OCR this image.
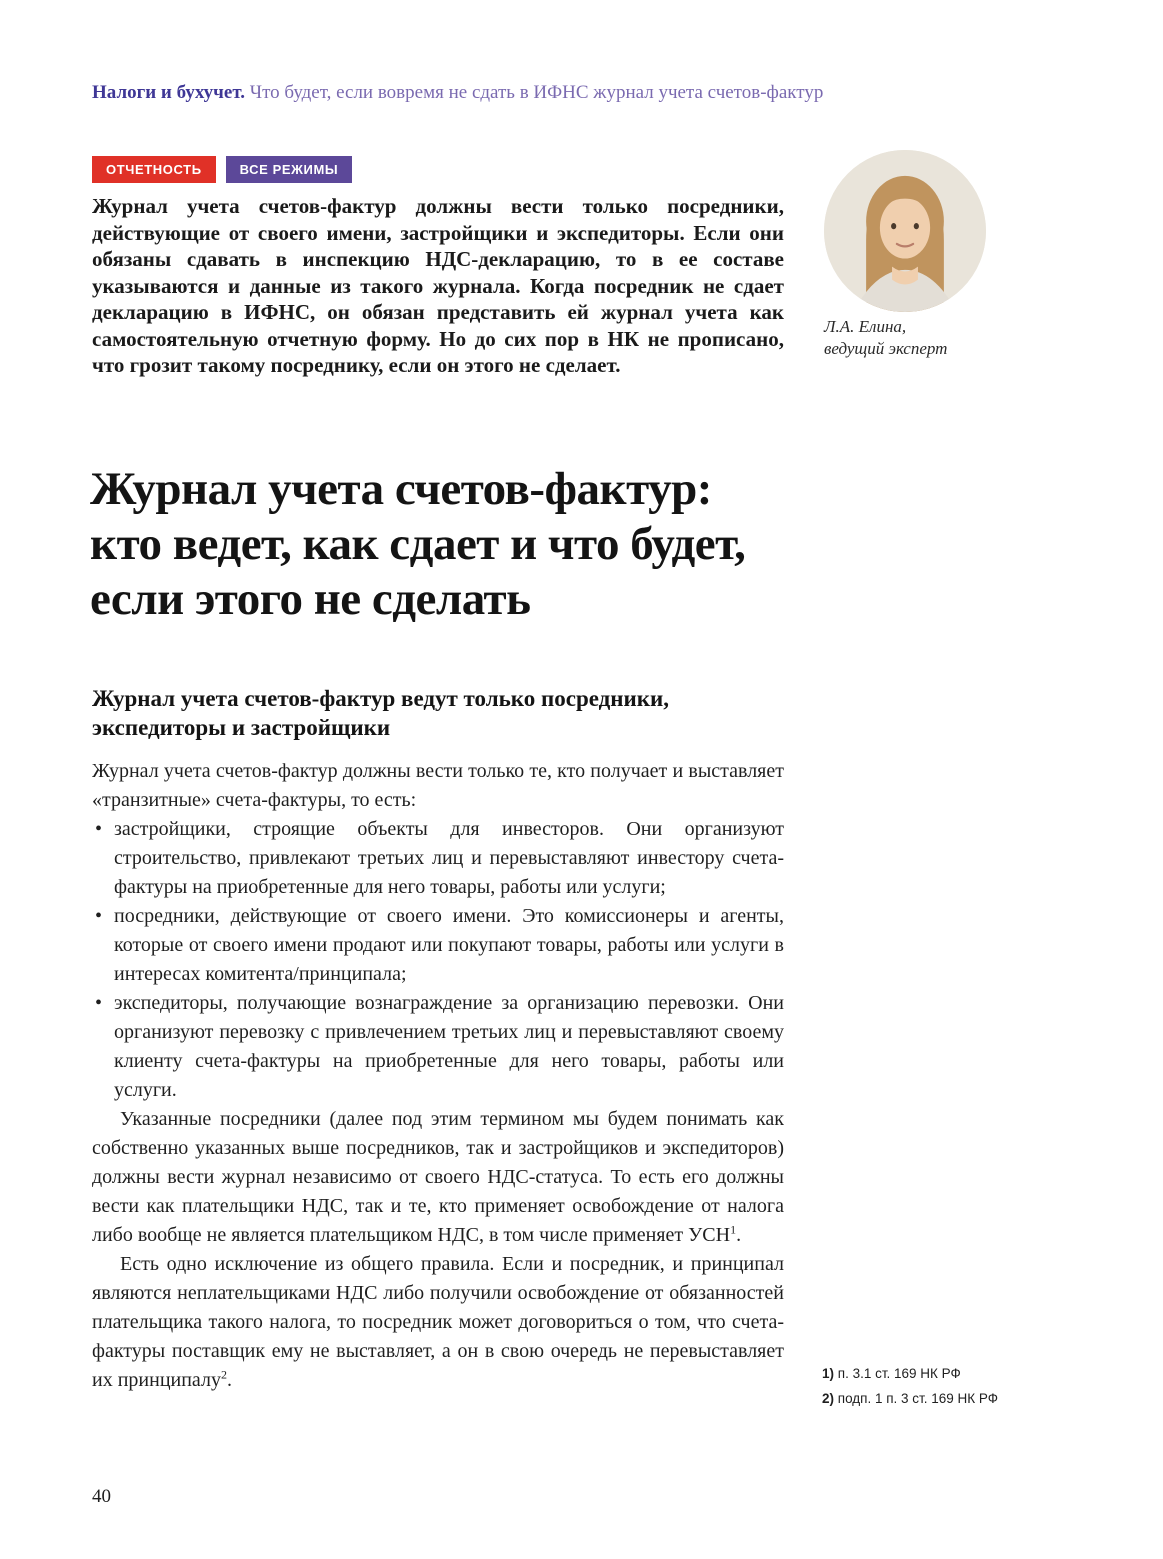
Налоги и бухучет. Что будет, если вовремя не сдать в ИФНС журнал учета счетов-фактур
ОТЧЕТНОСТЬ	ВСЕ РЕЖИМЫ
Журнал учета счетов-фактур должны вести только посредники, действующие от своего имени, застройщики и экспедиторы. Если они обязаны сдавать в инспекцию НДС-декларацию, то в ее составе указываются и данные из такого журнала. Когда посредник не сдает декларацию в ИФНС, он обязан представить ей журнал учета как самостоятельную отчетную форму. Но до сих пор в НК не прописано, что грозит такому посреднику, если он этого не сделает.
Л.А. Елина,
ведущий эксперт
Журнал учета счетов-фактур:
кто ведет, как сдает и что будет,
если этого не сделать
Журнал учета счетов-фактур ведут только посредники, экспедиторы и застройщики

Журнал учета счетов-фактур должны вести только те, кто получает и выставляет «транзитные» счета-фактуры, то есть:

• застройщики, строящие объекты для инвесторов. Они организуют строительство, привлекают третьих лиц и перевыставляют инвестору счета-фактуры на приобретенные для него товары, работы или услуги;
• посредники, действующие от своего имени. Это комиссионеры и агенты, которые от своего имени продают или покупают товары, работы или услуги в интересах комитента/принципала;
• экспедиторы, получающие вознаграждение за организацию перевозки. Они организуют перевозку с привлечением третьих лиц и перевыставляют своему клиенту счета-фактуры на приобретенные для него товары, работы или услуги.

Указанные посредники (далее под этим термином мы будем понимать как собственно указанных выше посредников, так и застройщиков и экспедиторов) должны вести журнал независимо от своего НДС-статуса. То есть его должны вести как плательщики НДС, так и те, кто применяет освобождение от налога либо вообще не является плательщиком НДС, в том числе применяет УСН$^1$.

Есть одно исключение из общего правила. Если и посредник, и принципал являются неплательщиками НДС либо получили освобождение от обязанностей плательщика такого налога, то посредник может договориться о том, что счета-фактуры поставщик ему не выставляет, а он в свою очередь не перевыставляет их принципалу$^2$.	1) п. 3.1 ст. 169 НК РФ
2) подп. 1 п. 3 ст. 169 НК РФ
40
